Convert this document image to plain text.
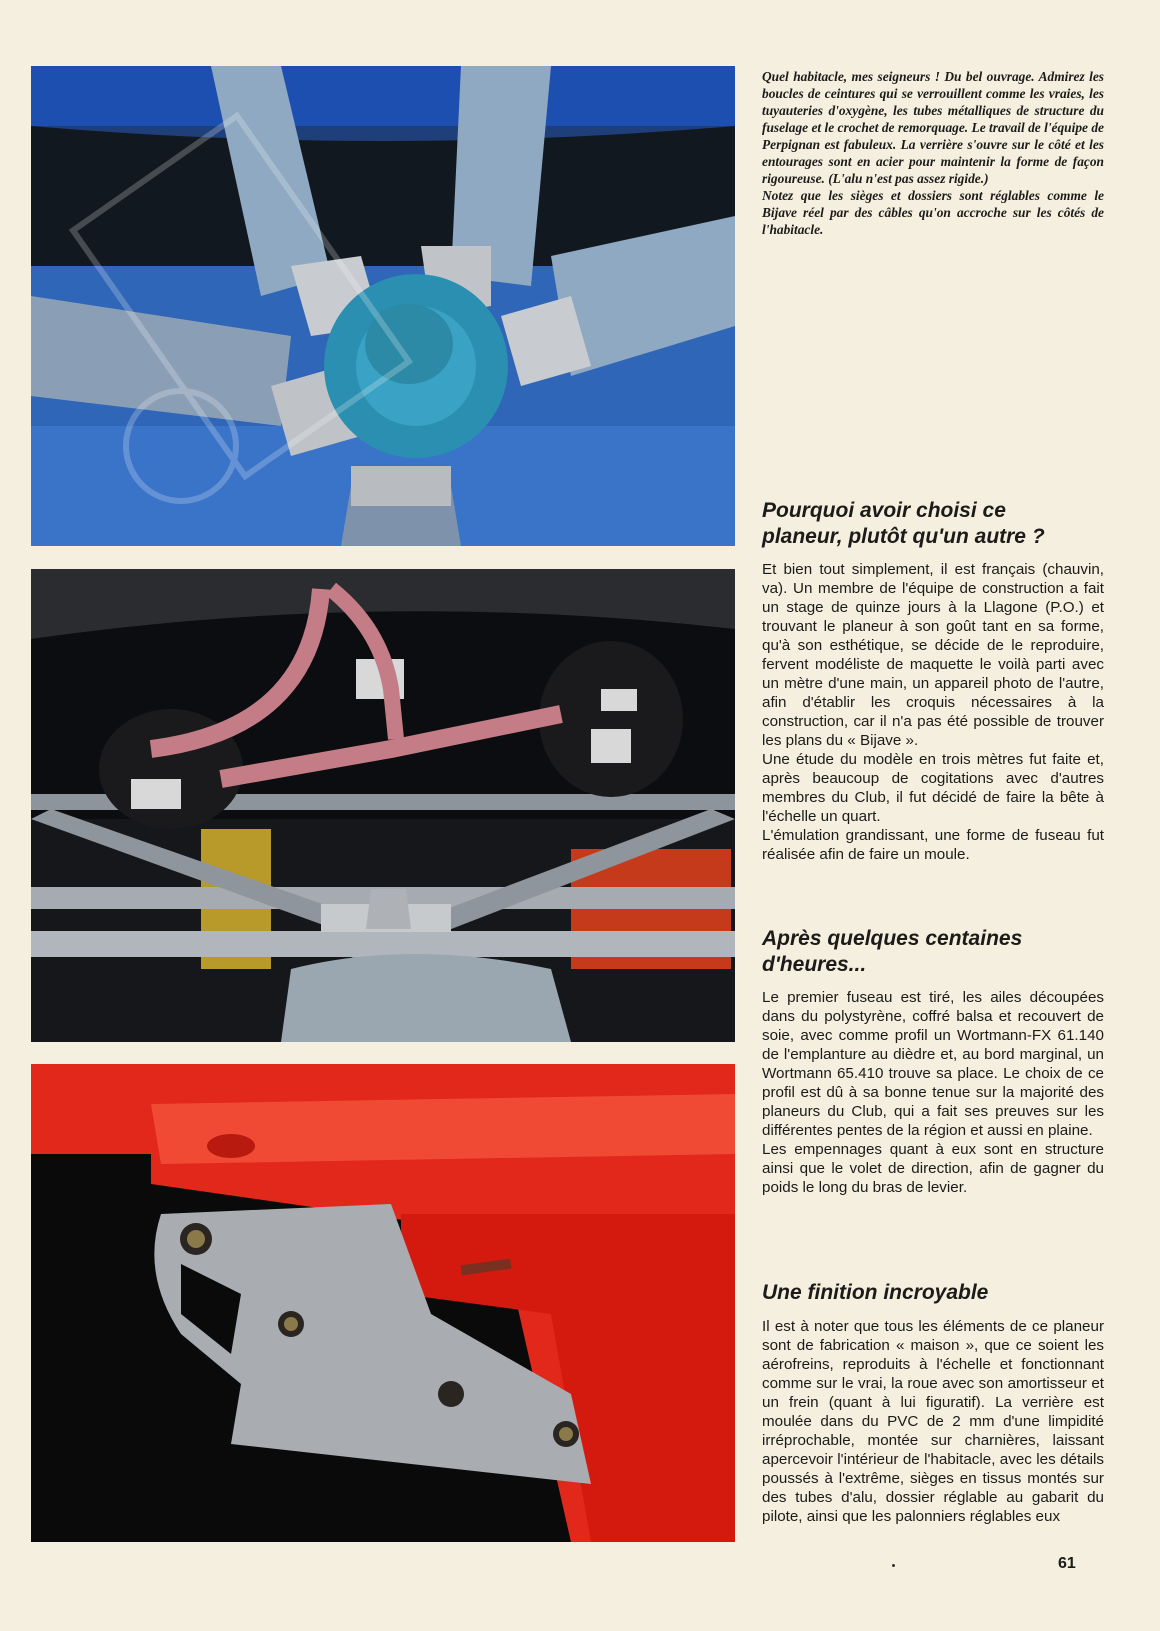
Quel habitacle, mes seigneurs ! Du bel ouvrage. Admirez les boucles de ceintures qui se verrouillent comme les vraies, les tuyauteries d'oxygène, les tubes métalliques de structure du fuselage et le crochet de remorquage. Le travail de l'équipe de Perpignan est fabuleux. La verrière s'ouvre sur le côté et les entourages sont en acier pour maintenir la forme de façon rigoureuse. (L'alu n'est pas assez rigide.)

Notez que les sièges et dossiers sont réglables comme le Bijave réel par des câbles qu'on accroche sur les côtés de l'habitacle.

Pourquoi avoir choisi ce
planeur, plutôt qu'un autre ?

Et bien tout simplement, il est français (chauvin, va). Un membre de l'équipe de construction a fait un stage de quinze jours à la Llagone (P.O.) et trouvant le planeur à son goût tant en sa forme, qu'à son esthétique, se décide de le reproduire, fervent modéliste de maquette le voilà parti avec un mètre d'une main, un appareil photo de l'autre, afin d'établir les croquis nécessaires à la construction, car il n'a pas été possible de trouver les plans du « Bijave ».

Une étude du modèle en trois mètres fut faite et, après beaucoup de cogitations avec d'autres membres du Club, il fut décidé de faire la bête à l'échelle un quart.

L'émulation grandissant, une forme de fuseau fut réalisée afin de faire un moule.

Après quelques centaines
d'heures...

Le premier fuseau est tiré, les ailes découpées dans du polystyrène, coffré balsa et recouvert de soie, avec comme profil un Wortmann-FX 61.140 de l'emplanture au dièdre et, au bord marginal, un Wortmann 65.410 trouve sa place. Le choix de ce profil est dû à sa bonne tenue sur la majorité des planeurs du Club, qui a fait ses preuves sur les différentes pentes de la région et aussi en plaine.

Les empennages quant à eux sont en structure ainsi que le volet de direction, afin de gagner du poids le long du bras de levier.

Une finition incroyable

Il est à noter que tous les éléments de ce planeur sont de fabrication « maison », que ce soient les aérofreins, reproduits à l'échelle et fonctionnant comme sur le vrai, la roue avec son amortisseur et un frein (quant à lui figuratif). La verrière est moulée dans du PVC de 2 mm d'une limpidité irréprochable, montée sur charnières, laissant apercevoir l'intérieur de l'habitacle, avec les détails poussés à l'extrême, sièges en tissus montés sur des tubes d'alu, dossier réglable au gabarit du pilote, ainsi que les palonniers réglables eux

61
